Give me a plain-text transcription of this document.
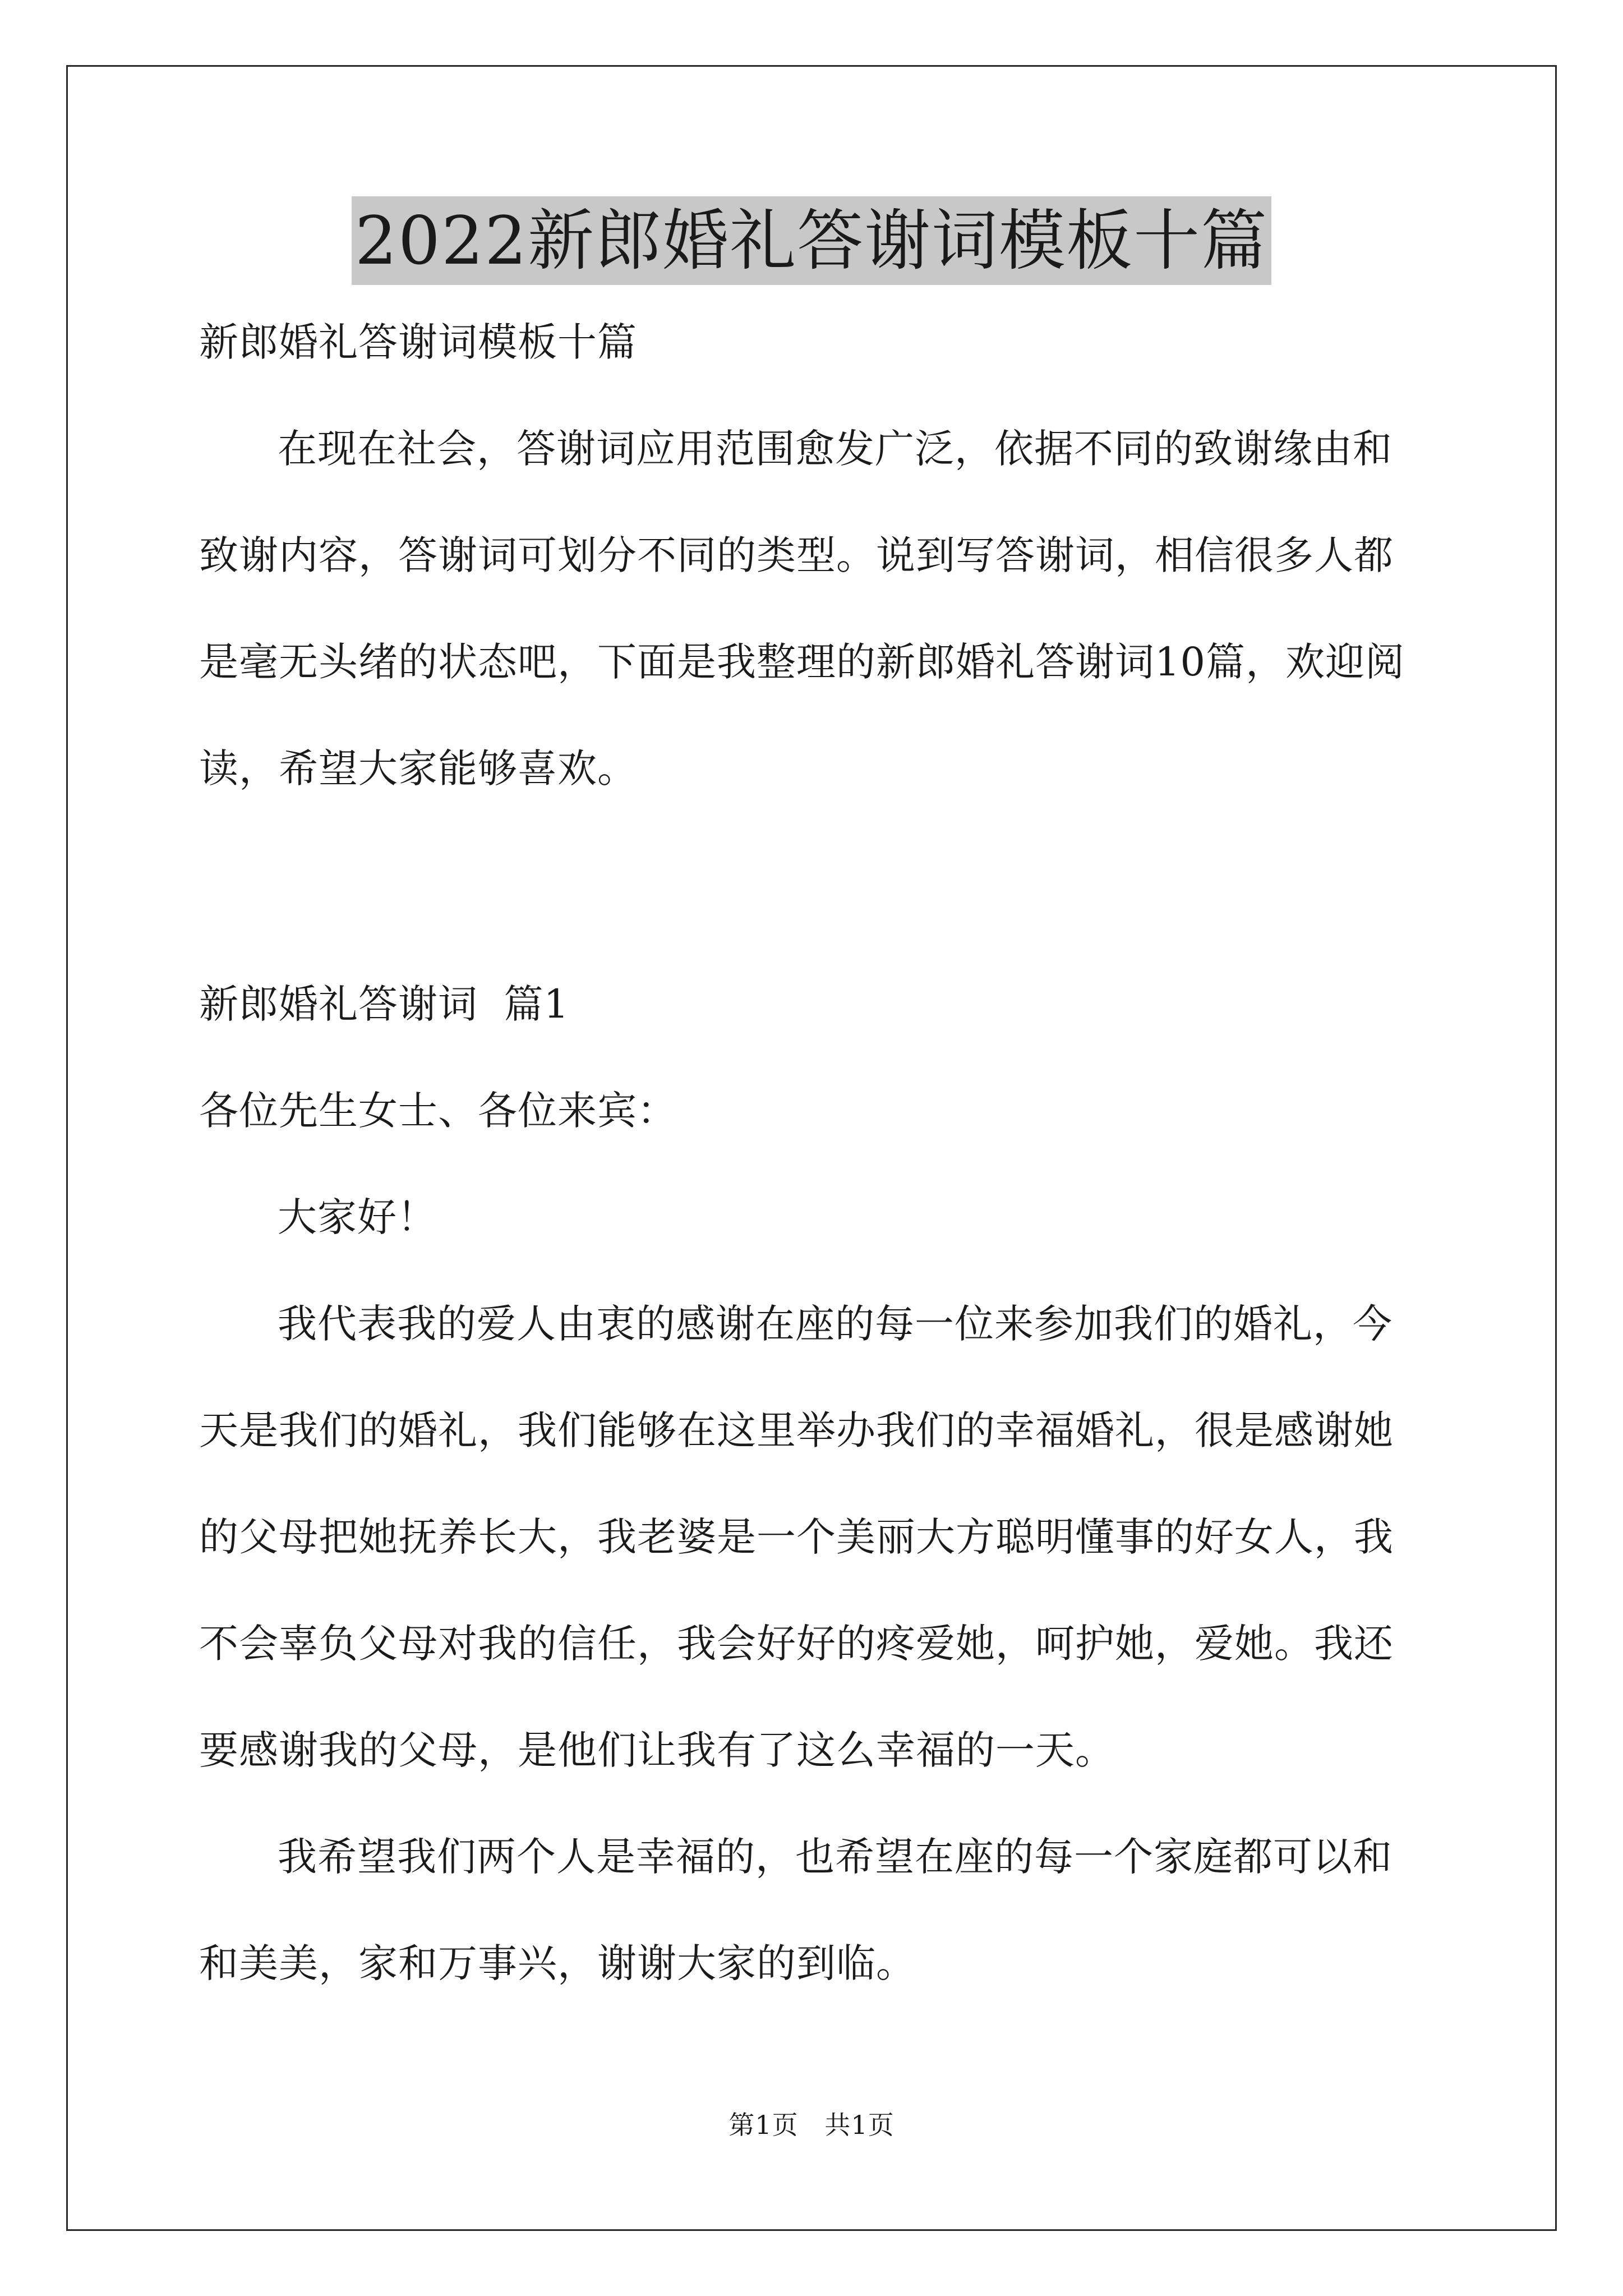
2022新郎婚礼答谢词模板十篇
新郎婚礼答谢词模板十篇
在现在社会，答谢词应用范围愈发广泛，依据不同的致谢缘由和
致谢内容，答谢词可划分不同的类型。说到写答谢词，相信很多人都
是毫无头绪的状态吧，下面是我整理的新郎婚礼答谢词10篇，欢迎阅
读，希望大家能够喜欢。
新郎婚礼答谢词  篇1
各位先生女士、各位来宾：
大家好！
我代表我的爱人由衷的感谢在座的每一位来参加我们的婚礼，今
天是我们的婚礼，我们能够在这里举办我们的幸福婚礼，很是感谢她
的父母把她抚养长大，我老婆是一个美丽大方聪明懂事的好女人，我
不会辜负父母对我的信任，我会好好的疼爱她，呵护她，爱她。我还
要感谢我的父母，是他们让我有了这么幸福的一天。
我希望我们两个人是幸福的，也希望在座的每一个家庭都可以和
和美美，家和万事兴，谢谢大家的到临。
第1页   共1页
